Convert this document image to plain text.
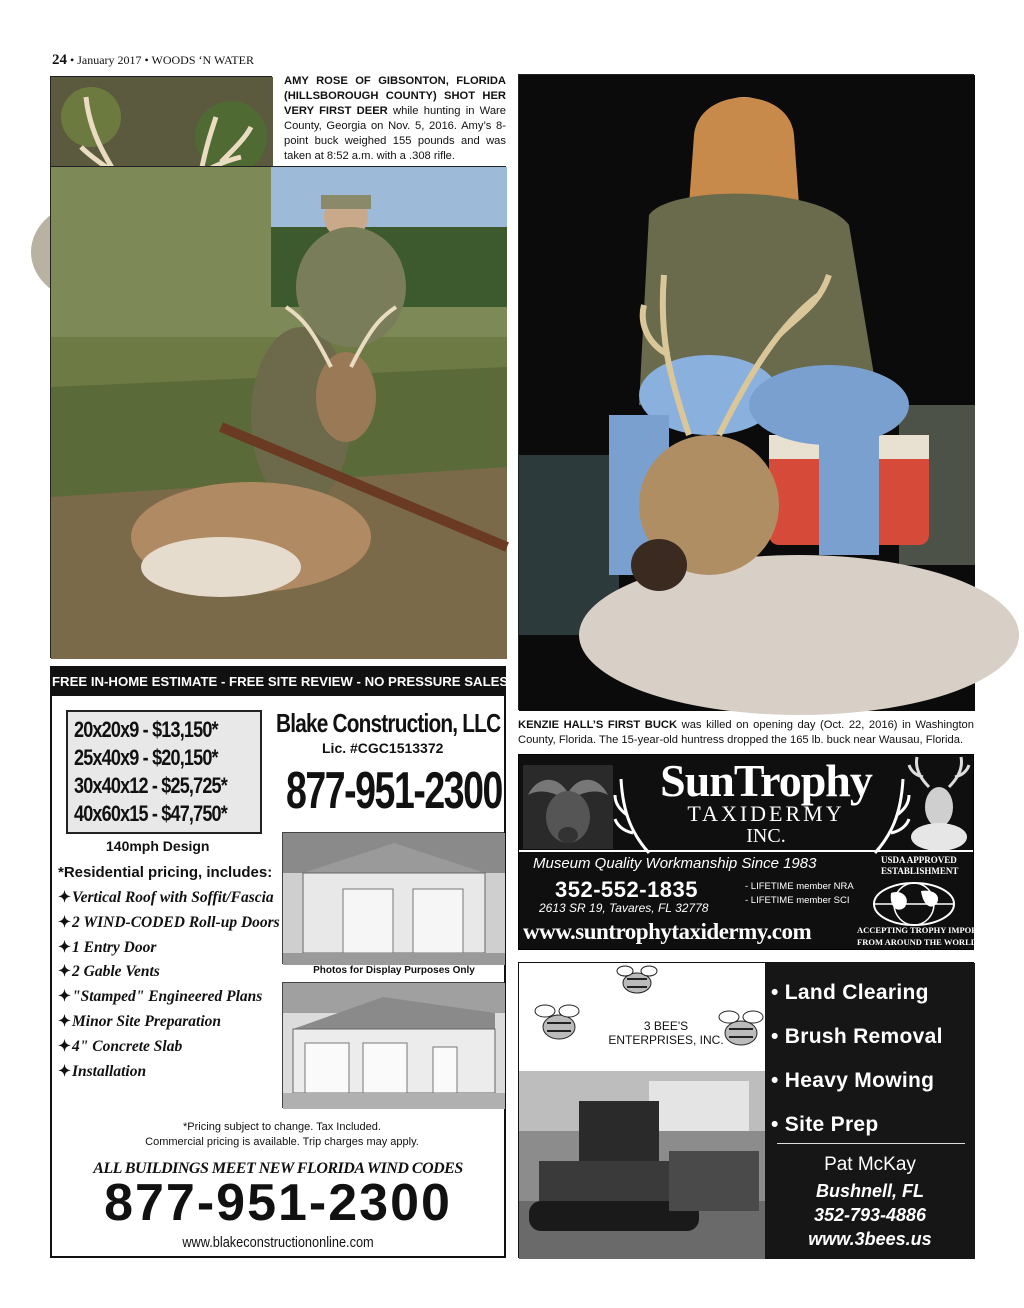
24 • January 2017 • WOODS ‘N WATER
AMY ROSE OF GIBSONTON, FLORIDA (HILLSBOROUGH COUNTY) SHOT HER VERY FIRST DEER while hunting in Ware County, Georgia on Nov. 5, 2016. Amy’s 8-point buck weighed 155 pounds and was taken at 8:52 a.m. with a .308 rifle.
KENZIE HALL’S FIRST BUCK was killed on opening day (Oct. 22, 2016) in Washington County, Florida. The 15-year-old huntress dropped the 165 lb. buck near Wausau, Florida.
FREE IN-HOME ESTIMATE - FREE SITE REVIEW - NO PRESSURE SALES
20x20x9 - $13,150*
25x40x9 - $20,150*
30x40x12 - $25,725*
40x60x15 - $47,750*
Blake Construction, LLC
Lic. #CGC1513372
877-951-2300
140mph Design
*Residential pricing, includes:
✦Vertical Roof with Soffit/Fascia
✦2 WIND-CODED Roll-up Doors
✦1 Entry Door
✦2 Gable Vents
✦"Stamped" Engineered Plans
✦Minor Site Preparation
✦4" Concrete Slab
✦Installation
Photos for Display Purposes Only
*Pricing subject to change. Tax Included.
Commercial pricing is available. Trip charges may apply.
ALL BUILDINGS MEET NEW FLORIDA WIND CODES
877-951-2300
www.blakeconstructiononline.com
SunTrophy
TAXIDERMY
INC.
Museum Quality Workmanship Since 1983	USDA APPROVED
ESTABLISHMENT
352-552-1835
2613 SR 19, Tavares, FL 32778
- LIFETIME member NRA
- LIFETIME member SCI
www.suntrophytaxidermy.com	ACCEPTING TROPHY IMPORTS
FROM AROUND THE WORLD
3 BEE'S
ENTERPRISES, INC.
• Land Clearing
• Brush Removal
• Heavy Mowing
• Site Prep
Pat McKay
Bushnell, FL
352-793-4886
www.3bees.us
